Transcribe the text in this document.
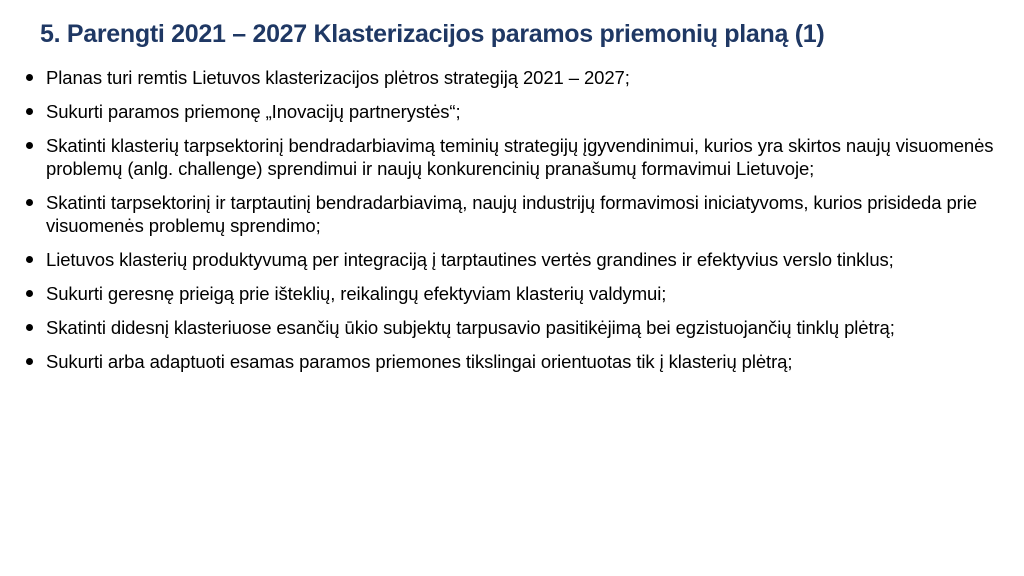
5. Parengti 2021 – 2027 Klasterizacijos paramos priemonių planą (1)
Planas turi remtis Lietuvos klasterizacijos plėtros strategiją 2021 – 2027;
Sukurti paramos priemonę „Inovacijų partnerystės“;
Skatinti klasterių tarpsektorinį bendradarbiavimą teminių strategijų įgyvendinimui, kurios yra skirtos naujų visuomenės problemų (anlg. challenge) sprendimui ir naujų konkurencinių pranašumų formavimui Lietuvoje;
Skatinti tarpsektorinį ir tarptautinį bendradarbiavimą, naujų industrijų formavimosi iniciatyvoms, kurios prisideda prie visuomenės problemų sprendimo;
Lietuvos klasterių produktyvumą per integraciją į tarptautines vertės grandines ir efektyvius verslo tinklus;
Sukurti geresnę prieigą prie išteklių, reikalingų efektyviam klasterių valdymui;
Skatinti didesnį klasteriuose esančių ūkio subjektų tarpusavio pasitikėjimą bei egzistuojančių tinklų plėtrą;
Sukurti arba adaptuoti esamas paramos priemones tikslingai orientuotas tik į klasterių plėtrą;
